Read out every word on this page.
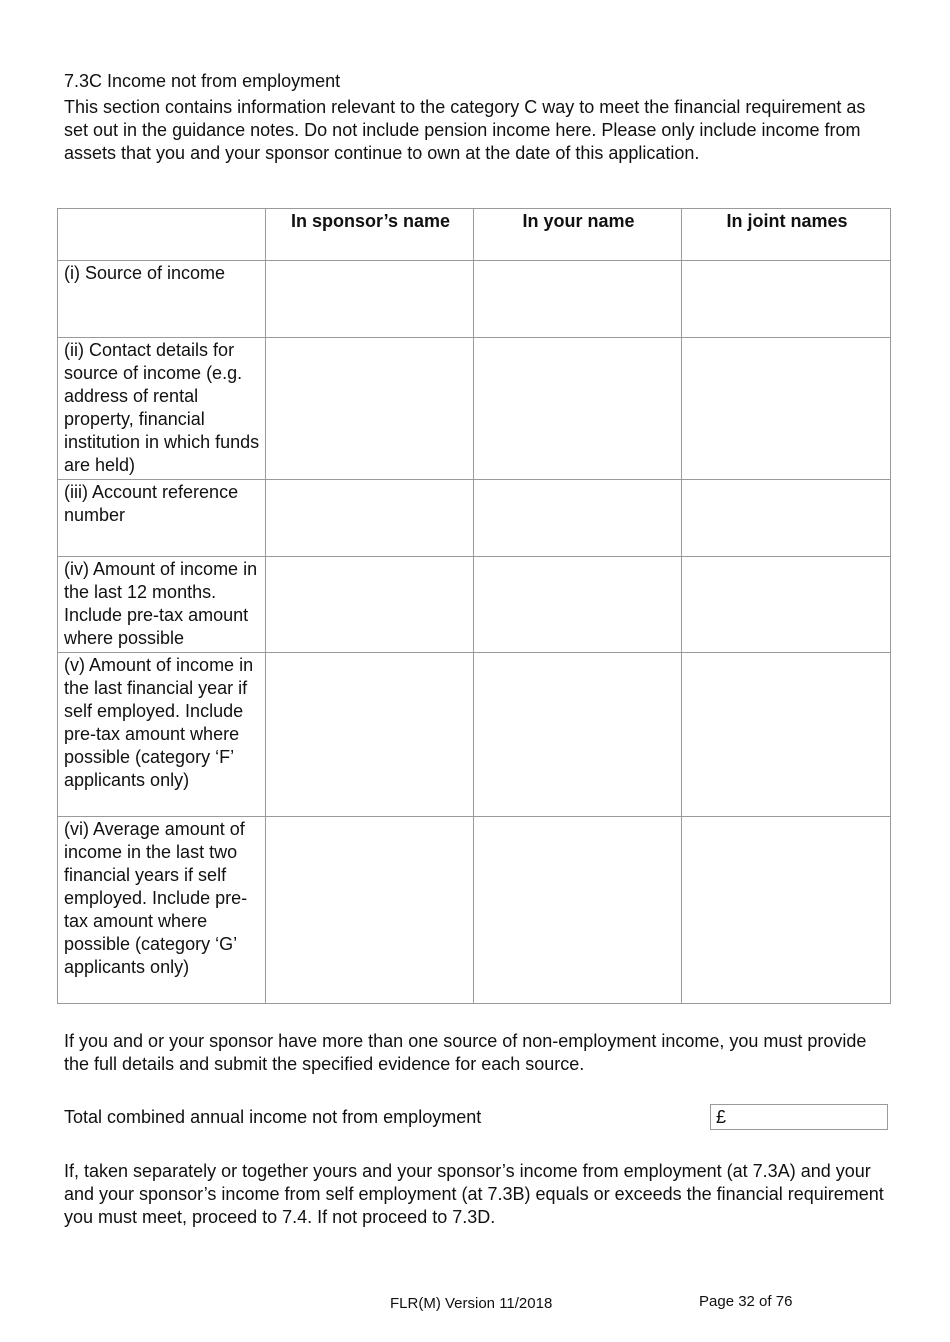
7.3C Income not from employment

This section contains information relevant to the category C way to meet the financial requirement as set out in the guidance notes. Do not include pension income here. Please only include income from assets that you and your sponsor continue to own at the date of this application.

	In sponsor’s name	In your name	In joint names
(i) Source of income			
(ii) Contact details for source of income (e.g. address of rental property, financial institution in which funds are held)			
(iii) Account reference number			
(iv) Amount of income in the last 12 months. Include pre-tax amount where possible			
(v) Amount of income in the last financial year if self employed. Include pre-tax amount where possible (category ‘F’ applicants only)			
(vi) Average amount of income in the last two financial years if self employed. Include pre-tax amount where possible (category ‘G’ applicants only)			

If you and or your sponsor have more than one source of non-employment income, you must provide the full details and submit the specified evidence for each source.

Total combined annual income not from employment	£

If, taken separately or together yours and your sponsor’s income from employment (at 7.3A) and your and your sponsor’s income from self employment (at 7.3B) equals or exceeds the financial requirement you must meet, proceed to 7.4. If not proceed to 7.3D.

FLR(M) Version 11/2018	Page 32 of 76
